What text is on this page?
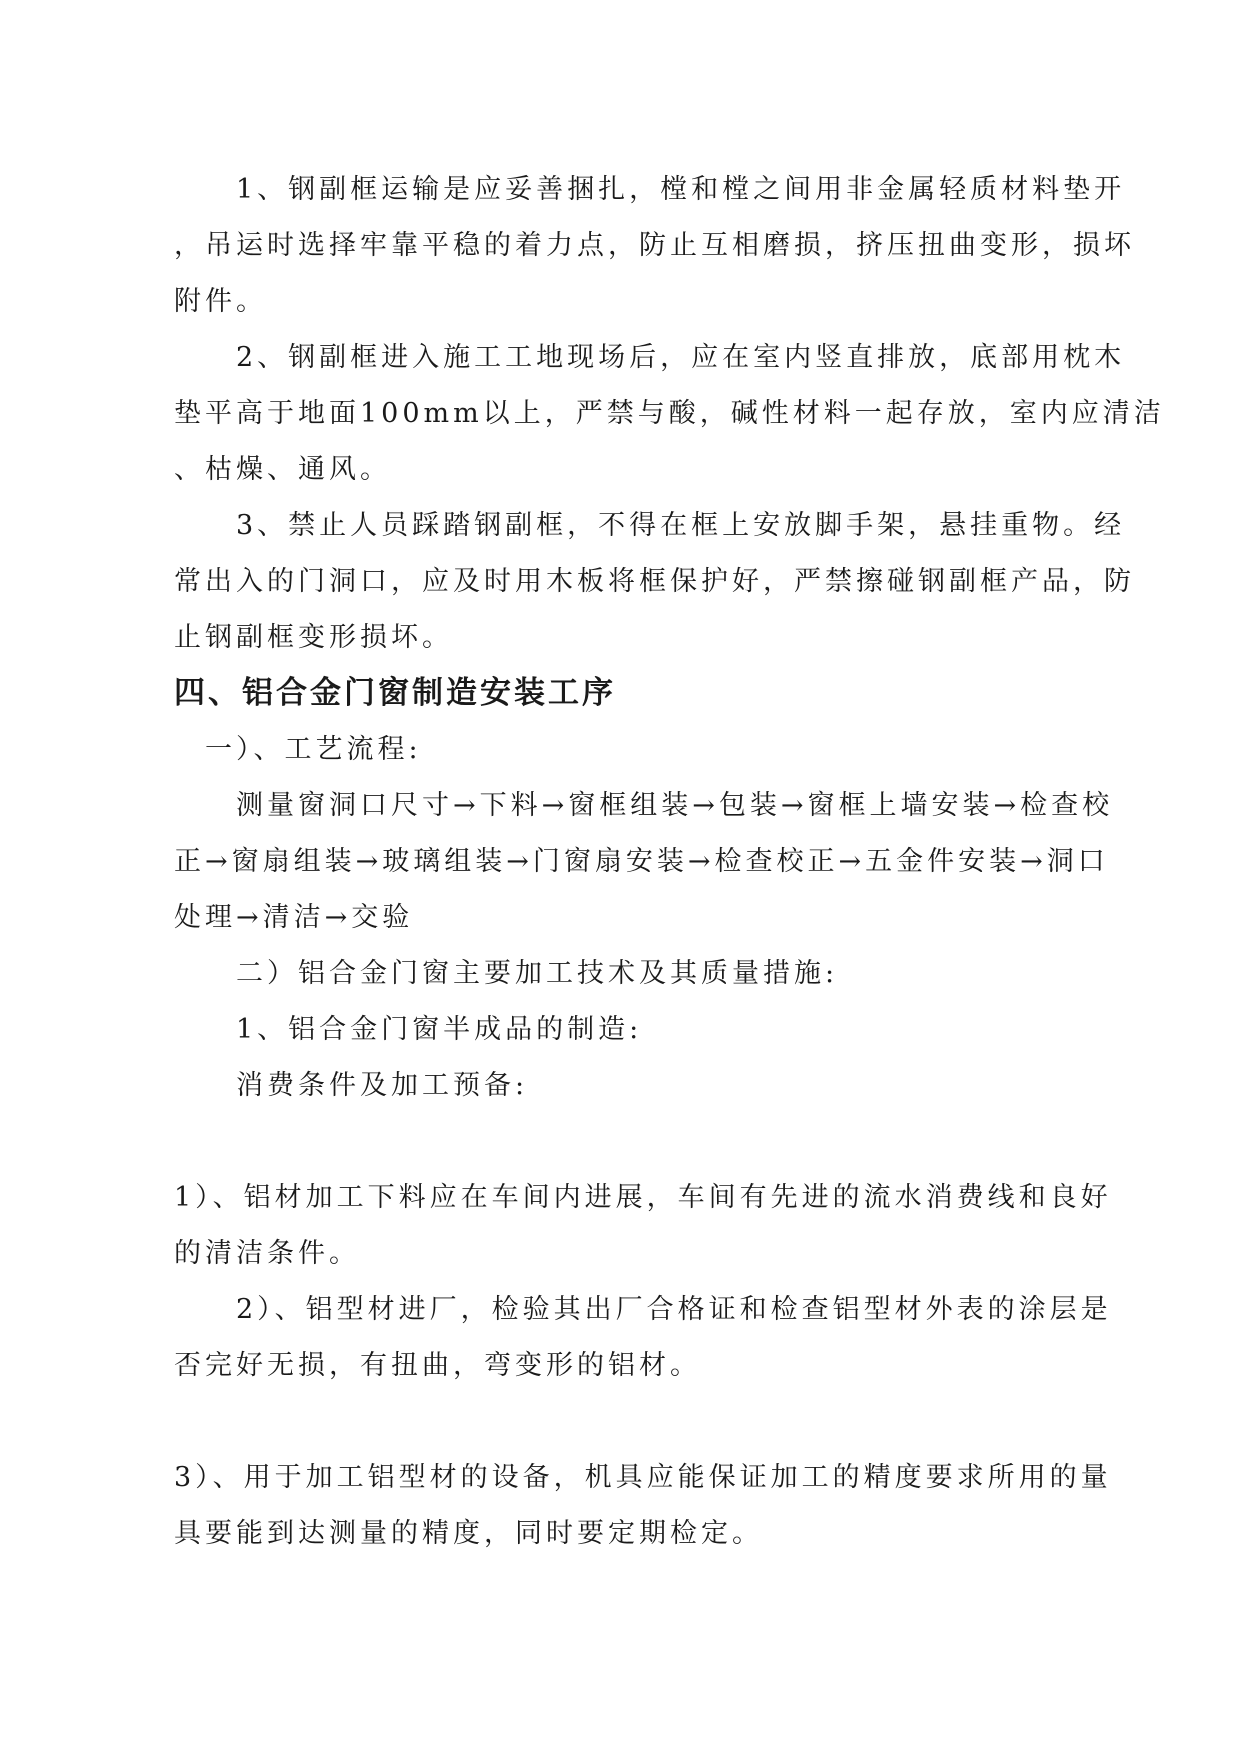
　　1、钢副框运输是应妥善捆扎，樘和樘之间用非金属轻质材料垫开
，吊运时选择牢靠平稳的着力点，防止互相磨损，挤压扭曲变形，损坏
附件。
　　2、钢副框进入施工工地现场后，应在室内竖直排放，底部用枕木
垫平高于地面100mm以上，严禁与酸，碱性材料一起存放，室内应清洁
、枯燥、通风。
　　3、禁止人员踩踏钢副框，不得在框上安放脚手架，悬挂重物。经
常出入的门洞口，应及时用木板将框保护好，严禁擦碰钢副框产品，防
止钢副框变形损坏。
四、铝合金门窗制造安装工序
　一）、工艺流程:
　　测量窗洞口尺寸→下料→窗框组装→包装→窗框上墙安装→检查校
正→窗扇组装→玻璃组装→门窗扇安装→检查校正→五金件安装→洞口
处理→清洁→交验
　　二）铝合金门窗主要加工技术及其质量措施:
　　1、铝合金门窗半成品的制造:
　　消费条件及加工预备:
1）、铝材加工下料应在车间内进展，车间有先进的流水消费线和良好
的清洁条件。
　　2）、铝型材进厂，检验其出厂合格证和检查铝型材外表的涂层是
否完好无损，有扭曲，弯变形的铝材。
3）、用于加工铝型材的设备，机具应能保证加工的精度要求所用的量
具要能到达测量的精度，同时要定期检定。
